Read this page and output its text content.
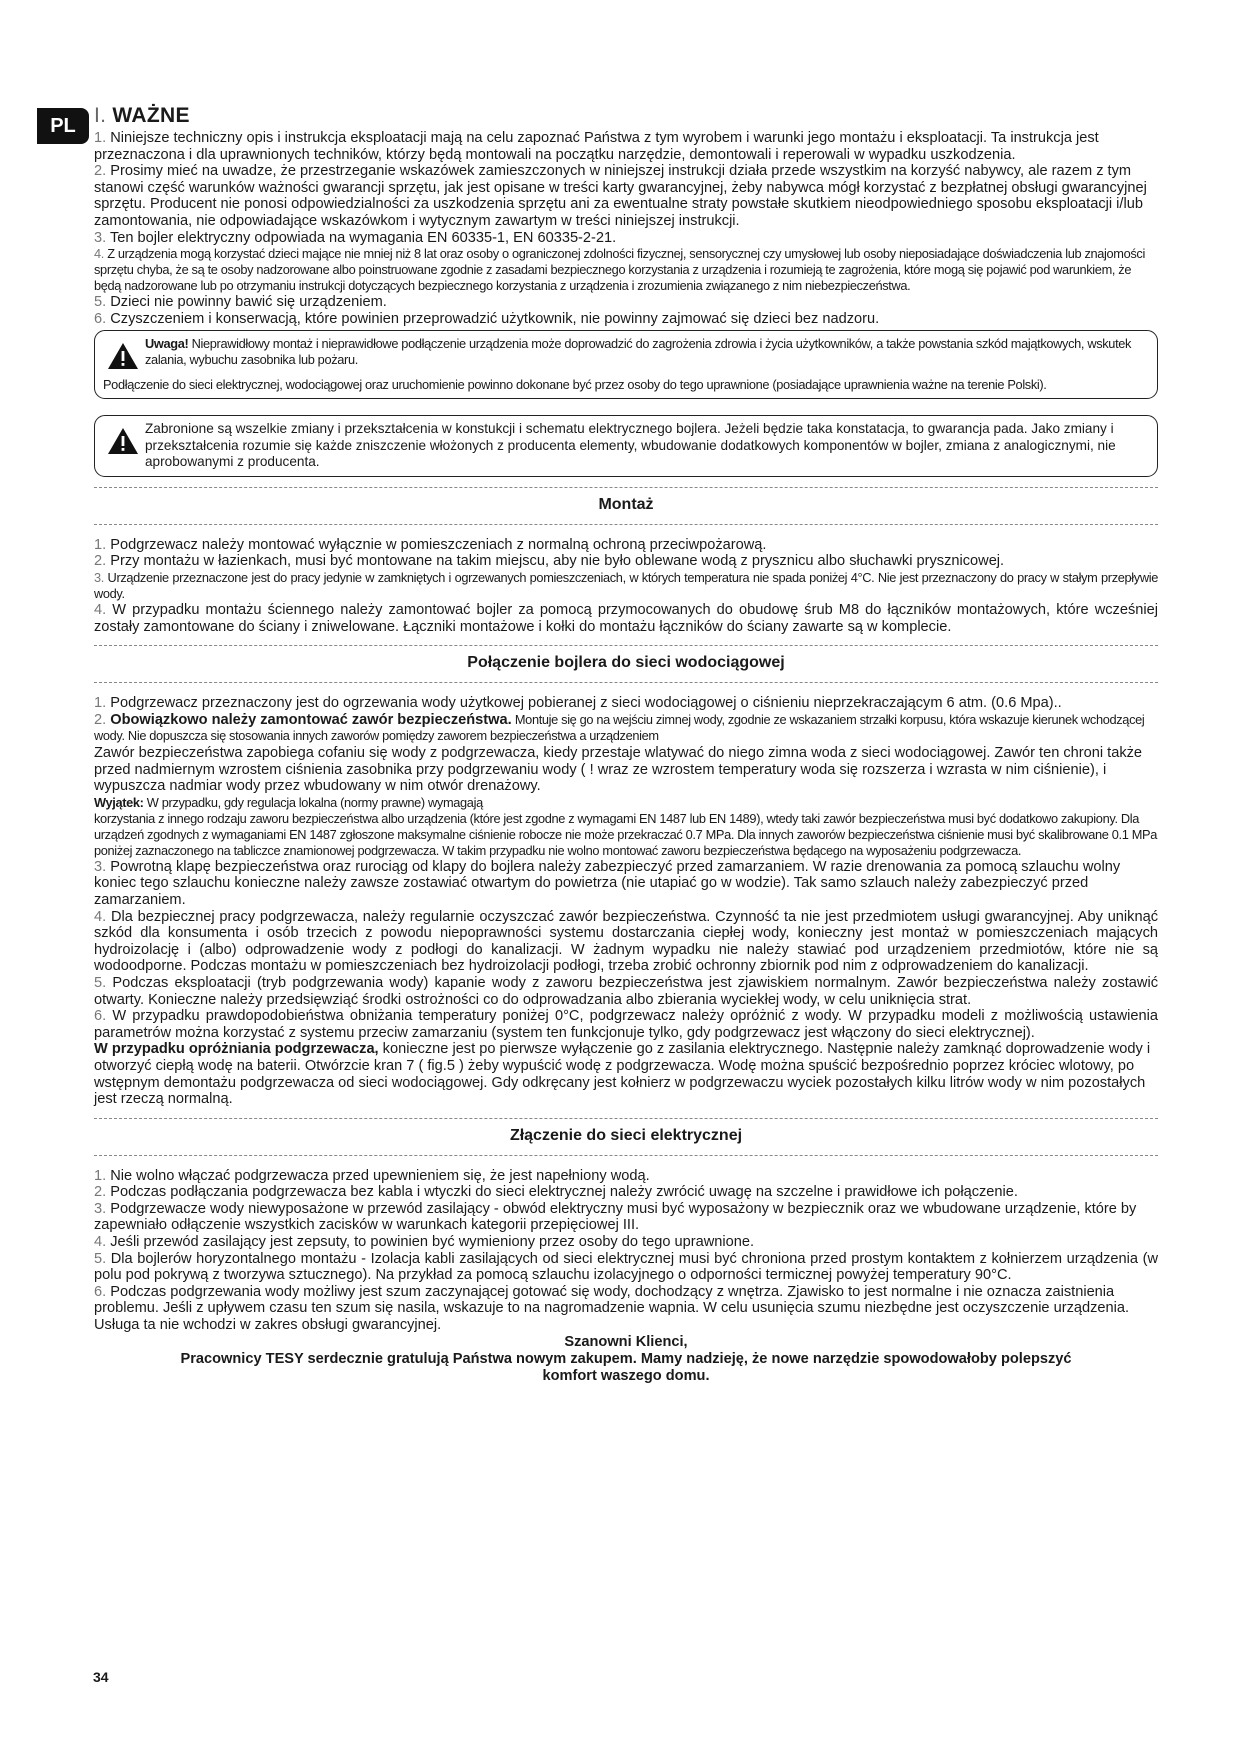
PL I. WAŻNE

1. Niniejsze techniczny opis i instrukcja eksploatacji mają na celu zapoznać Państwa z tym wyrobem i warunki jego montażu i eksploatacji. Ta instrukcja jest przeznaczona i dla uprawnionych techników, którzy będą montowali na początku narzędzie, demontowali i reperowali w wypadku uszkodzenia.

2. Prosimy mieć na uwadze, że przestrzeganie wskazówek zamieszczonych w niniejszej instrukcji działa przede wszystkim na korzyść nabywcy, ale razem z tym stanowi część warunków ważności gwarancji sprzętu, jak jest opisane w treści karty gwarancyjnej, żeby nabywca mógł korzystać z bezpłatnej obsługi gwarancyjnej sprzętu. Producent nie ponosi odpowiedzialności za uszkodzenia sprzętu ani za ewentualne straty powstałe skutkiem nieodpowiedniego sposobu eksploatacji i/lub zamontowania, nie odpowiadające wskazówkom i wytycznym zawartym w treści niniejszej instrukcji.

3. Ten bojler elektryczny odpowiada na wymagania EN 60335-1, EN 60335-2-21.

4. Z urządzenia mogą korzystać dzieci mające nie mniej niż 8 lat oraz osoby o ograniczonej zdolności fizycznej, sensorycznej czy umysłowej lub osoby nieposiadające doświadczenia lub znajomości sprzętu chyba, że są te osoby nadzorowane albo poinstruowane zgodnie z zasadami bezpiecznego korzystania z urządzenia i rozumieją te zagrożenia, które mogą się pojawić pod warunkiem, że będą nadzorowane lub po otrzymaniu instrukcji dotyczących bezpiecznego korzystania z urządzenia i zrozumienia związanego z nim niebezpieczeństwa.

5. Dzieci nie powinny bawić się urządzeniem.

6. Czyszczeniem i konserwacją, które powinien przeprowadzić użytkownik, nie powinny zajmować się dzieci bez nadzoru.

Uwaga! Nieprawidłowy montaż i nieprawidłowe podłączenie urządzenia może doprowadzić do zagrożenia zdrowia i życia użytkowników, a także powstania szkód majątkowych, wskutek zalania, wybuchu zasobnika lub pożaru.
Podłączenie do sieci elektrycznej, wodociągowej oraz uruchomienie powinno dokonane być przez osoby do tego uprawnione (posiadające uprawnienia ważne na terenie Polski).
Zabronione są wszelkie zmiany i przekształcenia w konstukcji i schematu elektrycznego bojlera. Jeżeli będzie taka konstatacja, to gwarancja pada. Jako zmiany i przekształcenia rozumie się każde zniszczenie włożonych z producenta elementy, wbudowanie dodatkowych komponentów w bojler, zmiana z analogicznymi, nie aprobowanymi z producenta.
Montaż

1. Podgrzewacz należy montować wyłącznie w pomieszczeniach z normalną ochroną przeciwpożarową.

2. Przy montażu w łazienkach, musi być montowane na takim miejscu, aby nie było oblewane wodą z prysznicu albo słuchawki prysznicowej.

3. Urządzenie przeznaczone jest do pracy jedynie w zamkniętych i ogrzewanych pomieszczeniach, w których temperatura nie spada poniżej 4°C. Nie jest przeznaczony do pracy w stałym przepływie wody.

4. W przypadku montażu ściennego należy zamontować bojler za pomocą przymocowanych do obudowę śrub M8 do łączników montażowych, które wcześniej zostały zamontowane do ściany i zniwelowane. Łączniki montażowe i kołki do montażu łączników do ściany zawarte są w komplecie.

Połączenie bojlera do sieci wodociągowej

1. Podgrzewacz przeznaczony jest do ogrzewania wody użytkowej pobieranej z sieci wodociągowej o ciśnieniu nieprzekraczającym 6 atm. (0.6 Mpa)..

2. Obowiązkowo należy zamontować zawór bezpieczeństwa. Montuje się go na wejściu zimnej wody, zgodnie ze wskazaniem strzałki korpusu, która wskazuje kierunek wchodzącej wody. Nie dopuszcza się stosowania innych zaworów pomiędzy zaworem bezpieczeństwa a urządzeniem

Zawór bezpieczeństwa zapobiega cofaniu się wody z podgrzewacza, kiedy przestaje wlatywać do niego zimna woda z sieci wodociągowej. Zawór ten chroni także przed nadmiernym wzrostem ciśnienia zasobnika przy podgrzewaniu wody ( ! wraz ze wzrostem temperatury woda się rozszerza i wzrasta w nim ciśnienie), i wypuszcza nadmiar wody przez wbudowany w nim otwór drenażowy.

Wyjątek: W przypadku, gdy regulacja lokalna (normy prawne) wymagają

korzystania z innego rodzaju zaworu bezpieczeństwa albo urządzenia (które jest zgodne z wymagami EN 1487 lub EN 1489), wtedy taki zawór bezpieczeństwa musi być dodatkowo zakupiony. Dla urządzeń zgodnych z wymaganiami EN 1487 zgłoszone maksymalne ciśnienie robocze nie może przekraczać 0.7 MPa. Dla innych zaworów bezpieczeństwa ciśnienie musi być skalibrowane 0.1 MPa poniżej zaznaczonego na tabliczce znamionowej podgrzewacza. W takim przypadku nie wolno montować zaworu bezpieczeństwa będącego na wyposażeniu podgrzewacza.

3. Powrotną klapę bezpieczeństwa oraz rurociąg od klapy do bojlera należy zabezpieczyć przed zamarzaniem. W razie drenowania za pomocą szlauchu wolny koniec tego szlauchu konieczne należy zawsze zostawiać otwartym do powietrza (nie utapiać go w wodzie). Tak samo szlauch należy zabezpieczyć przed zamarzaniem.

4. Dla bezpiecznej pracy podgrzewacza, należy regularnie oczyszczać zawór bezpieczeństwa. Czynność ta nie jest przedmiotem usługi gwarancyjnej. Aby uniknąć szkód dla konsumenta i osób trzecich z powodu niepoprawności systemu dostarczania ciepłej wody, konieczny jest montaż w pomieszczeniach mających hydroizolację i (albo) odprowadzenie wody z podłogi do kanalizacji. W żadnym wypadku nie należy stawiać pod urządzeniem przedmiotów, które nie są wodoodporne. Podczas montażu w pomieszczeniach bez hydroizolacji podłogi, trzeba zrobić ochronny zbiornik pod nim z odprowadzeniem do kanalizacji.

5. Podczas eksploatacji (tryb podgrzewania wody) kapanie wody z zaworu bezpieczeństwa jest zjawiskiem normalnym. Zawór bezpieczeństwa należy zostawić otwarty. Konieczne należy przedsięwziąć środki ostrożności co do odprowadzania albo zbierania wyciekłej wody, w celu uniknięcia strat.

6. W przypadku prawdopodobieństwa obniżania temperatury poniżej 0°C, podgrzewacz należy opróżnić z wody. W przypadku modeli z możliwością ustawienia parametrów można korzystać z systemu przeciw zamarzaniu (system ten funkcjonuje tylko, gdy podgrzewacz jest włączony do sieci elektrycznej).

W przypadku opróżniania podgrzewacza, konieczne jest po pierwsze wyłączenie go z zasilania elektrycznego. Następnie należy zamknąć doprowadzenie wody i otworzyć ciepłą wodę na baterii. Otwórzcie kran 7 ( fig.5 ) żeby wypuścić wodę z podgrzewacza. Wodę można spuścić bezpośrednio poprzez króciec wlotowy, po wstępnym demontażu podgrzewacza od sieci wodociągowej. Gdy odkręcany jest kołnierz w podgrzewaczu wyciek pozostałych kilku litrów wody w nim pozostałych jest rzeczą normalną.

Złączenie do sieci elektrycznej

1. Nie wolno włączać podgrzewacza przed upewnieniem się, że jest napełniony wodą.

2. Podczas podłączania podgrzewacza bez kabla i wtyczki do sieci elektrycznej należy zwrócić uwagę na szczelne i prawidłowe ich połączenie.

3. Podgrzewacze wody niewyposażone w przewód zasilający - obwód elektryczny musi być wyposażony w bezpiecznik oraz we wbudowane urządzenie, które by zapewniało odłączenie wszystkich zacisków w warunkach kategorii przepięciowej III.

4. Jeśli przewód zasilający jest zepsuty, to powinien być wymieniony przez osoby do tego uprawnione.

5. Dla bojlerów horyzontalnego montażu - Izolacja kabli zasilających od sieci elektrycznej musi być chroniona przed prostym kontaktem z kołnierzem urządzenia (w polu pod pokrywą z tworzywa sztucznego). Na przykład za pomocą szlauchu izolacyjnego o odporności termicznej powyżej temperatury 90°C.

6. Podczas podgrzewania wody możliwy jest szum zaczynającej gotować się wody, dochodzący z wnętrza. Zjawisko to jest normalne i nie oznacza zaistnienia problemu. Jeśli z upływem czasu ten szum się nasila, wskazuje to na nagromadzenie wapnia. W celu usunięcia szumu niezbędne jest oczyszczenie urządzenia. Usługa ta nie wchodzi w zakres obsługi gwarancyjnej.

Szanowni Klienci,
Pracownicy TESY serdecznie gratulują Państwa nowym zakupem. Mamy nadzieję, że nowe narzędzie spowodowałoby polepszyć
komfort waszego domu.
34
